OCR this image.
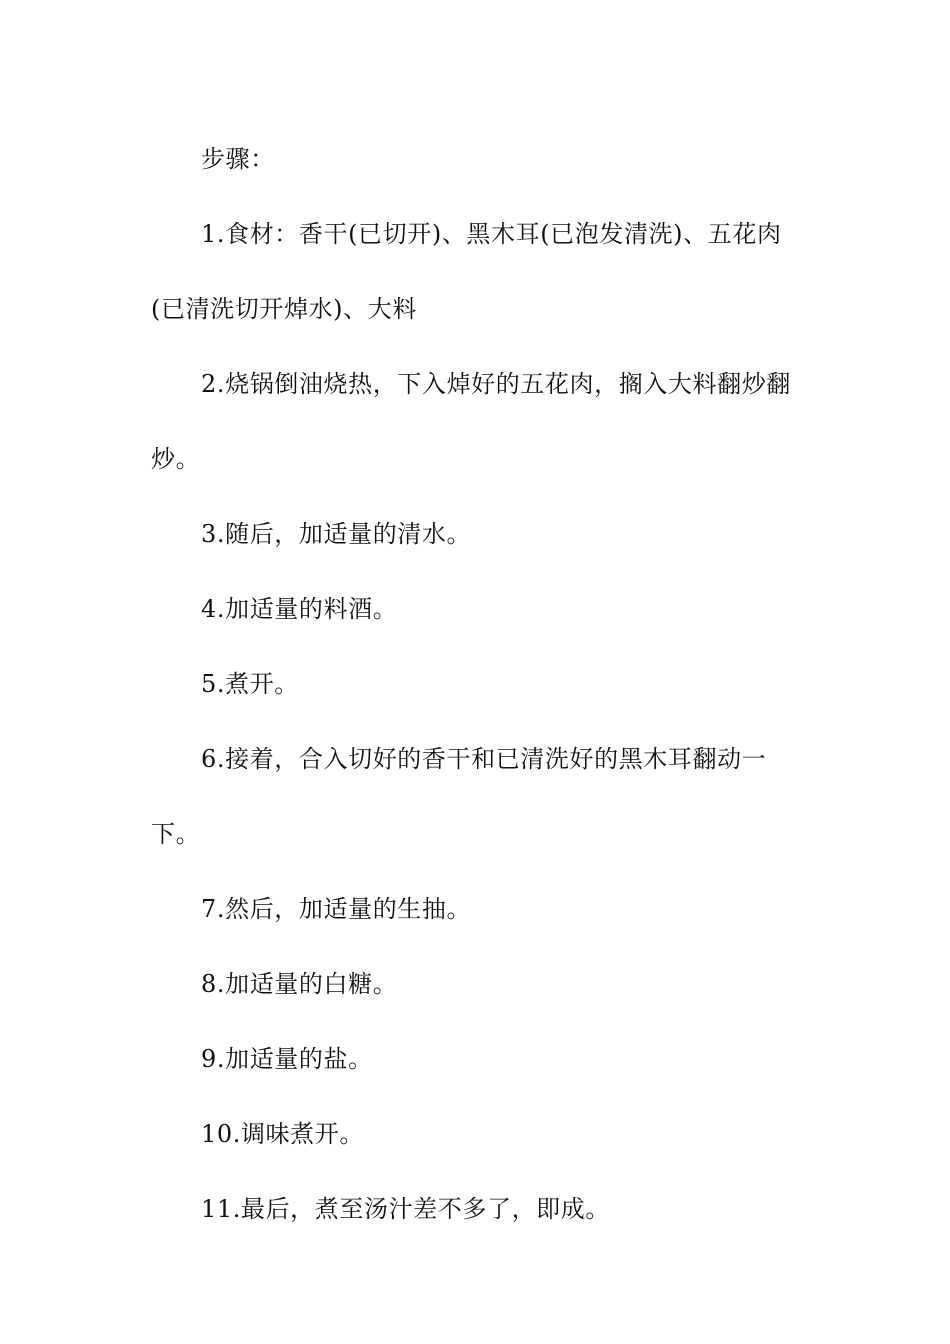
步骤：

1.食材：香干(已切开)、黑木耳(已泡发清洗)、五花肉(已清洗切开焯水)、大料

2.烧锅倒油烧热，下入焯好的五花肉，搁入大料翻炒翻炒。

3.随后，加适量的清水。

4.加适量的料酒。

5.煮开。

6.接着，合入切好的香干和已清洗好的黑木耳翻动一下。

7.然后，加适量的生抽。

8.加适量的白糖。

9.加适量的盐。

10.调味煮开。

11.最后，煮至汤汁差不多了，即成。
